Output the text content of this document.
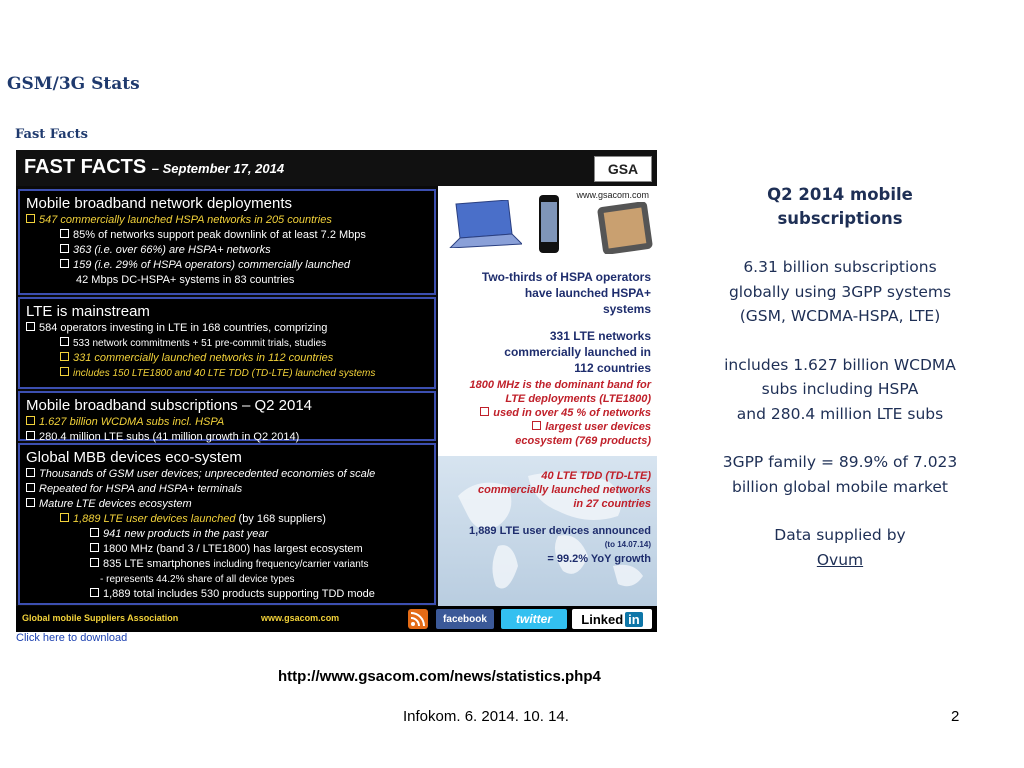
GSM/3G Stats
Fast Facts
FAST FACTS – September 17, 2014	GSA
Mobile broadband network deployments
547 commercially launched HSPA networks in 205 countries
85% of networks support peak downlink of at least 7.2 Mbps
363 (i.e. over 66%) are HSPA+ networks
159 (i.e. 29% of HSPA operators) commercially launched
42 Mbps DC-HSPA+ systems in 83 countries
LTE is mainstream
584 operators investing in LTE in 168 countries, comprizing
533 network commitments + 51 pre-commit trials, studies
331 commercially launched networks in 112 countries
includes 150 LTE1800 and 40 LTE TDD (TD-LTE) launched systems
Mobile broadband subscriptions – Q2 2014
1.627 billion WCDMA subs incl. HSPA
280.4 million LTE subs (41 million growth in Q2 2014)
Global MBB devices eco-system
Thousands of GSM user devices; unprecedented economies of scale
Repeated for HSPA and HSPA+ terminals
Mature LTE devices ecosystem
1,889 LTE user devices launched (by 168 suppliers)
941 new products in the past year
1800 MHz (band 3 / LTE1800) has largest ecosystem
835 LTE smartphones including frequency/carrier variants
- represents 44.2% share of all device types
1,889 total includes 530 products supporting TDD mode
www.gsacom.com
Two-thirds of HSPA operators
have launched HSPA+
systems
331 LTE networks
commercially launched in
112 countries
1800 MHz is the dominant band for
LTE deployments (LTE1800)
used in over 45 % of networks
largest user devices
ecosystem (769 products)
40 LTE TDD (TD-LTE)
commercially launched networks
in 27 countries
1,889 LTE user devices announced
(to 14.07.14)
= 99.2% YoY growth
Global mobile Suppliers Association	www.gsacom.com	facebook	twitter	Linked in
Click here to download
Q2 2014 mobile
subscriptions
6.31 billion subscriptions
globally using 3GPP systems
(GSM, WCDMA-HSPA, LTE)
includes 1.627 billion WCDMA
subs including HSPA
and 280.4 million LTE subs
3GPP family = 89.9% of 7.023
billion global mobile market
Data supplied by
Ovum
http://www.gsacom.com/news/statistics.php4
Infokom. 6. 2014. 10. 14.	2
